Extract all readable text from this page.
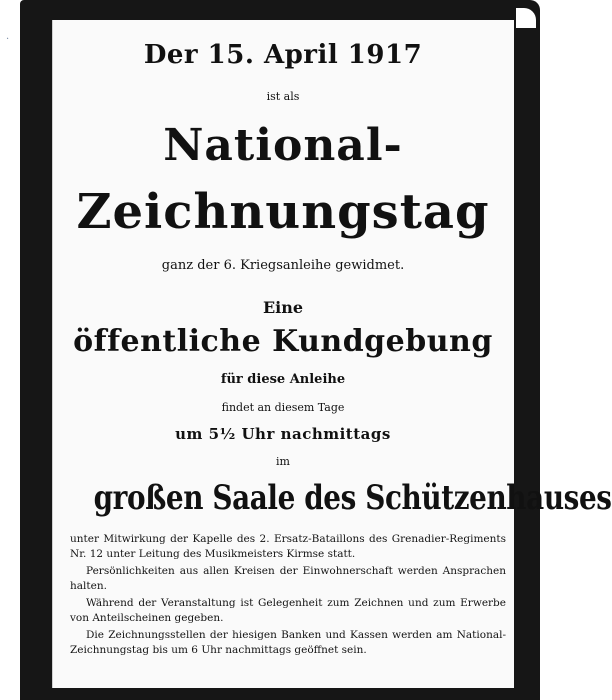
·
Der 15. April 1917
ist als
National-
Zeichnungstag
ganz der 6. Kriegsanleihe gewidmet.
Eine
öffentliche Kundgebung
für diese Anleihe
findet an diesem Tage
um 5½ Uhr nachmittags
im
großen Saale des Schützenhauses
unter Mitwirkung der Kapelle des 2. Ersatz-Bataillons des Grenadier-Regiments Nr. 12 unter Leitung des Musikmeisters Kirmse statt.
Persönlichkeiten aus allen Kreisen der Einwohnerschaft werden Ansprachen halten.
Während der Veranstaltung ist Gelegenheit zum Zeichnen und zum Erwerbe von Anteilscheinen gegeben.
Die Zeichnungsstellen der hiesigen Banken und Kassen werden am National-Zeichnungstag bis um 6 Uhr nachmittags geöffnet sein.
